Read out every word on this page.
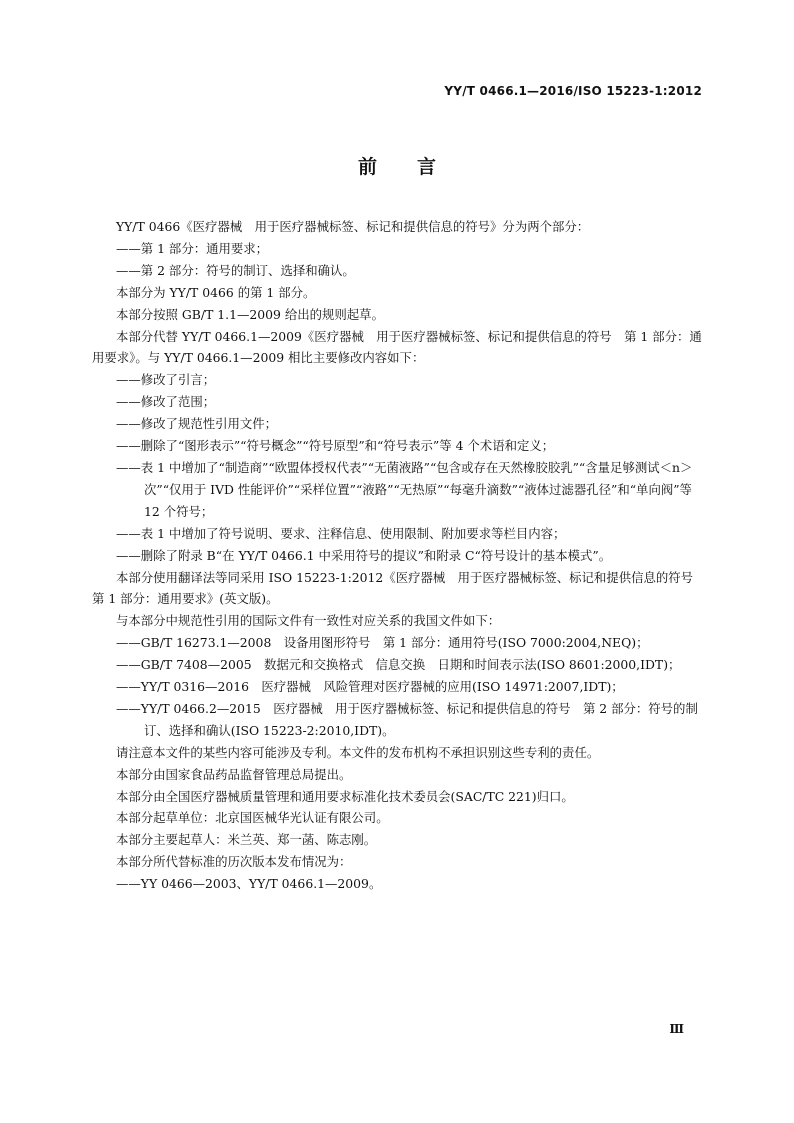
YY/T 0466.1—2016/ISO 15223-1:2012
前言
YY/T 0466《医疗器械　用于医疗器械标签、标记和提供信息的符号》分为两个部分：
——第 1 部分：通用要求；
——第 2 部分：符号的制订、选择和确认。
本部分为 YY/T 0466 的第 1 部分。
本部分按照 GB/T 1.1—2009 给出的规则起草。
本部分代替 YY/T 0466.1—2009《医疗器械　用于医疗器械标签、标记和提供信息的符号　第 1 部分：通用要求》。与 YY/T 0466.1—2009 相比主要修改内容如下：
——修改了引言；
——修改了范围；
——修改了规范性引用文件；
——删除了“图形表示”“符号概念”“符号原型”和“符号表示”等 4 个术语和定义；
——表 1 中增加了“制造商”“欧盟体授权代表”“无菌液路”“包含或存在天然橡胶胶乳”“含量足够测试＜n＞次”“仅用于 IVD 性能评价”“采样位置”“液路”“无热原”“每毫升滴数”“液体过滤器孔径”和“单向阀”等 12 个符号；
——表 1 中增加了符号说明、要求、注释信息、使用限制、附加要求等栏目内容；
——删除了附录 B“在 YY/T 0466.1 中采用符号的提议”和附录 C“符号设计的基本模式”。
本部分使用翻译法等同采用 ISO 15223-1:2012《医疗器械　用于医疗器械标签、标记和提供信息的符号　第 1 部分：通用要求》(英文版)。
与本部分中规范性引用的国际文件有一致性对应关系的我国文件如下：
——GB/T 16273.1—2008　设备用图形符号　第 1 部分：通用符号(ISO 7000:2004,NEQ)；
——GB/T 7408—2005　数据元和交换格式　信息交换　日期和时间表示法(ISO 8601:2000,IDT)；
——YY/T 0316—2016　医疗器械　风险管理对医疗器械的应用(ISO 14971:2007,IDT)；
——YY/T 0466.2—2015　医疗器械　用于医疗器械标签、标记和提供信息的符号　第 2 部分：符号的制订、选择和确认(ISO 15223-2:2010,IDT)。
请注意本文件的某些内容可能涉及专利。本文件的发布机构不承担识别这些专利的责任。
本部分由国家食品药品监督管理总局提出。
本部分由全国医疗器械质量管理和通用要求标准化技术委员会(SAC/TC 221)归口。
本部分起草单位：北京国医械华光认证有限公司。
本部分主要起草人：米兰英、郑一菡、陈志刚。
本部分所代替标准的历次版本发布情况为：
——YY 0466—2003、YY/T 0466.1—2009。
Ⅲ
